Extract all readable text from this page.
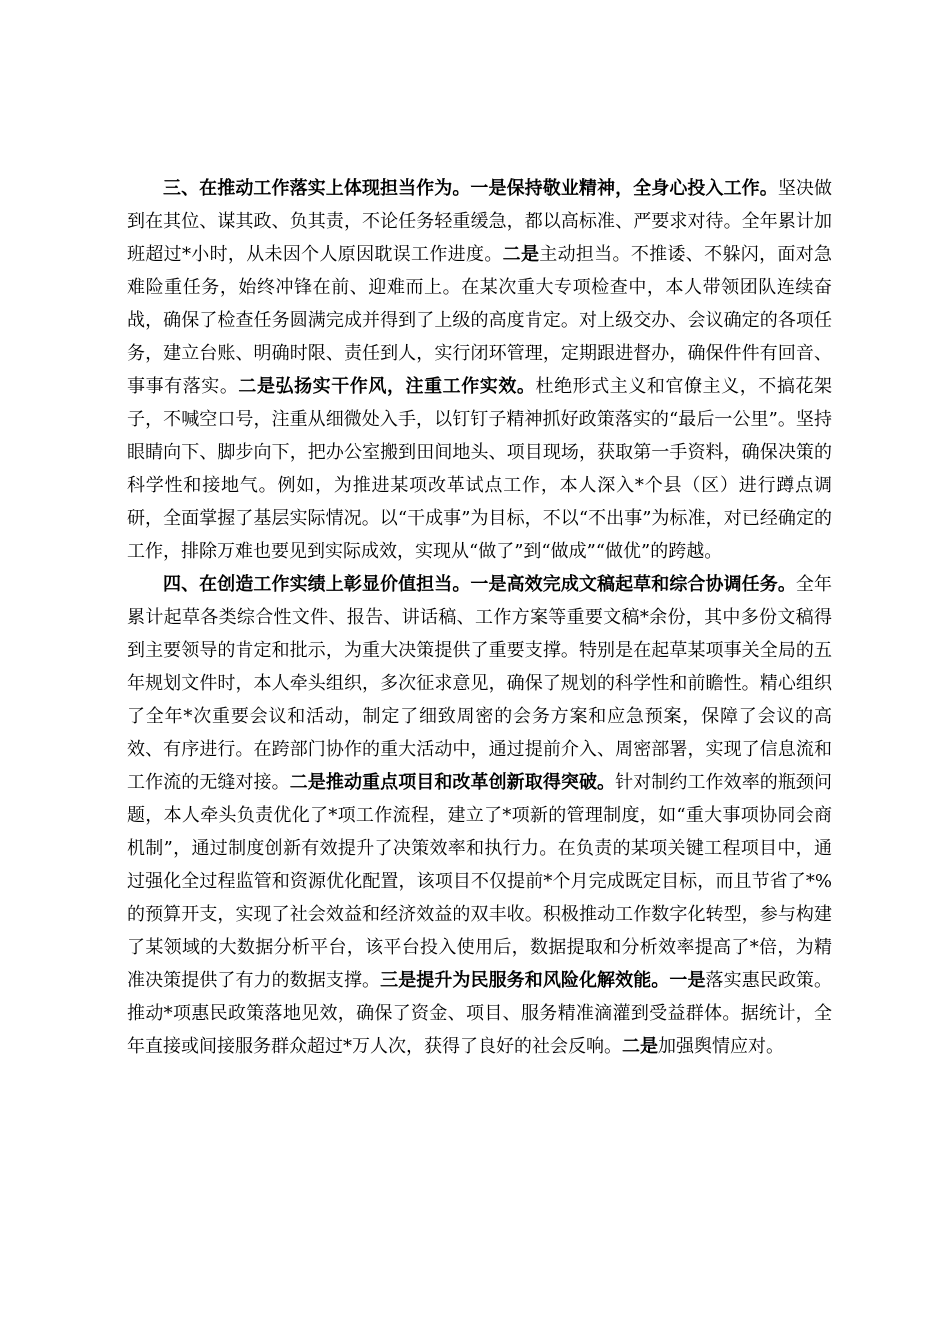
三、在推动工作落实上体现担当作为。一是保持敬业精神，全身心投入工作。坚决做到在其位、谋其政、负其责，不论任务轻重缓急，都以高标准、严要求对待。全年累计加班超过*小时，从未因个人原因耽误工作进度。二是主动担当。不推诿、不躲闪，面对急难险重任务，始终冲锋在前、迎难而上。在某次重大专项检查中，本人带领团队连续奋战，确保了检查任务圆满完成并得到了上级的高度肯定。对上级交办、会议确定的各项任务，建立台账、明确时限、责任到人，实行闭环管理，定期跟进督办，确保件件有回音、事事有落实。二是弘扬实干作风，注重工作实效。杜绝形式主义和官僚主义，不搞花架子，不喊空口号，注重从细微处入手，以钉钉子精神抓好政策落实的“最后一公里”。坚持眼睛向下、脚步向下，把办公室搬到田间地头、项目现场，获取第一手资料，确保决策的科学性和接地气。例如，为推进某项改革试点工作，本人深入*个县（区）进行蹲点调研，全面掌握了基层实际情况。以“干成事”为目标，不以“不出事”为标准，对已经确定的工作，排除万难也要见到实际成效，实现从“做了”到“做成”“做优”的跨越。

四、在创造工作实绩上彰显价值担当。一是高效完成文稿起草和综合协调任务。全年累计起草各类综合性文件、报告、讲话稿、工作方案等重要文稿*余份，其中多份文稿得到主要领导的肯定和批示，为重大决策提供了重要支撑。特别是在起草某项事关全局的五年规划文件时，本人牵头组织，多次征求意见，确保了规划的科学性和前瞻性。精心组织了全年*次重要会议和活动，制定了细致周密的会务方案和应急预案，保障了会议的高效、有序进行。在跨部门协作的重大活动中，通过提前介入、周密部署，实现了信息流和工作流的无缝对接。二是推动重点项目和改革创新取得突破。针对制约工作效率的瓶颈问题，本人牵头负责优化了*项工作流程，建立了*项新的管理制度，如“重大事项协同会商机制”，通过制度创新有效提升了决策效率和执行力。在负责的某项关键工程项目中，通过强化全过程监管和资源优化配置，该项目不仅提前*个月完成既定目标，而且节省了*%的预算开支，实现了社会效益和经济效益的双丰收。积极推动工作数字化转型，参与构建了某领域的大数据分析平台，该平台投入使用后，数据提取和分析效率提高了*倍，为精准决策提供了有力的数据支撑。三是提升为民服务和风险化解效能。一是落实惠民政策。推动*项惠民政策落地见效，确保了资金、项目、服务精准滴灌到受益群体。据统计，全年直接或间接服务群众超过*万人次，获得了良好的社会反响。二是加强舆情应对。
